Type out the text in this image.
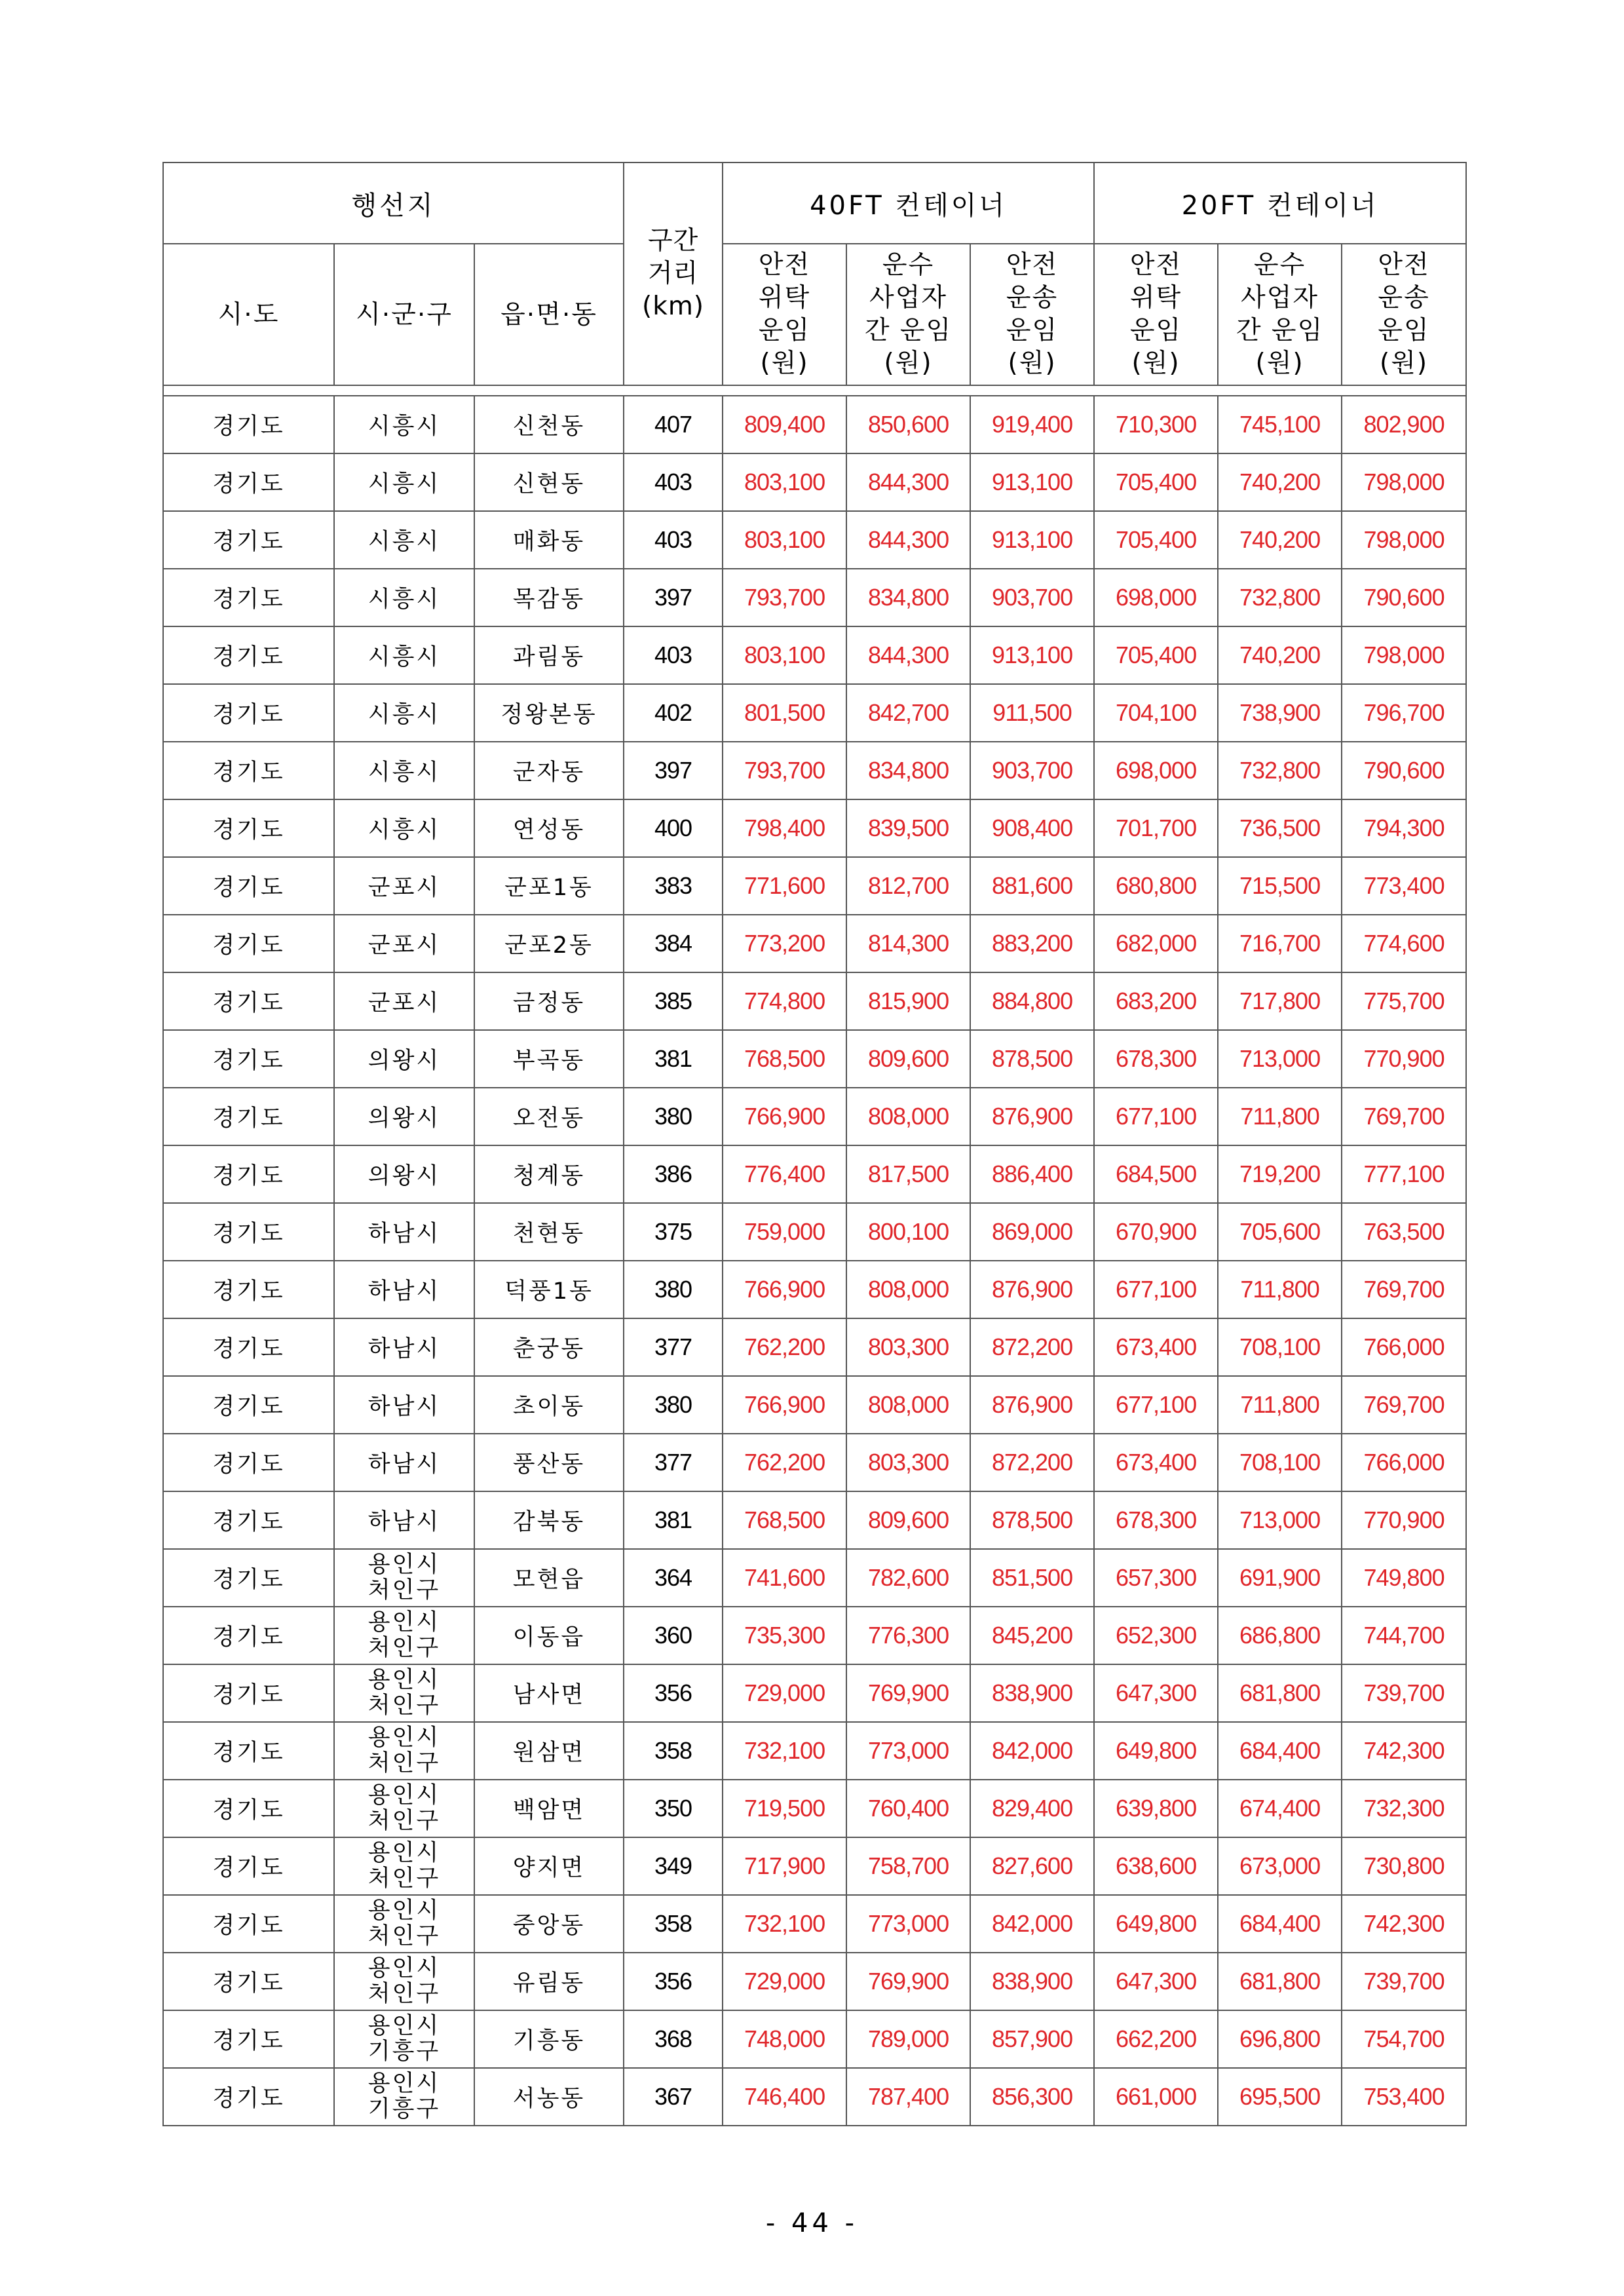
행선지			구간
거리
(km)	40FT 컨테이너			20FT 컨테이너		
시·도	시·군·구	읍·면·동		안전
위탁
운임
(원)	운수
사업자
간 운임
(원)	안전
운송
운임
(원)	안전
위탁
운임
(원)	운수
사업자
간 운임
(원)	안전
운송
운임
(원)

경기도	시흥시	신천동	407	809,400	850,600	919,400	710,300	745,100	802,900
경기도	시흥시	신현동	403	803,100	844,300	913,100	705,400	740,200	798,000
경기도	시흥시	매화동	403	803,100	844,300	913,100	705,400	740,200	798,000
경기도	시흥시	목감동	397	793,700	834,800	903,700	698,000	732,800	790,600
경기도	시흥시	과림동	403	803,100	844,300	913,100	705,400	740,200	798,000
경기도	시흥시	정왕본동	402	801,500	842,700	911,500	704,100	738,900	796,700
경기도	시흥시	군자동	397	793,700	834,800	903,700	698,000	732,800	790,600
경기도	시흥시	연성동	400	798,400	839,500	908,400	701,700	736,500	794,300
경기도	군포시	군포1동	383	771,600	812,700	881,600	680,800	715,500	773,400
경기도	군포시	군포2동	384	773,200	814,300	883,200	682,000	716,700	774,600
경기도	군포시	금정동	385	774,800	815,900	884,800	683,200	717,800	775,700
경기도	의왕시	부곡동	381	768,500	809,600	878,500	678,300	713,000	770,900
경기도	의왕시	오전동	380	766,900	808,000	876,900	677,100	711,800	769,700
경기도	의왕시	청계동	386	776,400	817,500	886,400	684,500	719,200	777,100
경기도	하남시	천현동	375	759,000	800,100	869,000	670,900	705,600	763,500
경기도	하남시	덕풍1동	380	766,900	808,000	876,900	677,100	711,800	769,700
경기도	하남시	춘궁동	377	762,200	803,300	872,200	673,400	708,100	766,000
경기도	하남시	초이동	380	766,900	808,000	876,900	677,100	711,800	769,700
경기도	하남시	풍산동	377	762,200	803,300	872,200	673,400	708,100	766,000
경기도	하남시	감북동	381	768,500	809,600	878,500	678,300	713,000	770,900
경기도	용인시
처인구	모현읍	364	741,600	782,600	851,500	657,300	691,900	749,800
경기도	용인시
처인구	이동읍	360	735,300	776,300	845,200	652,300	686,800	744,700
경기도	용인시
처인구	남사면	356	729,000	769,900	838,900	647,300	681,800	739,700
경기도	용인시
처인구	원삼면	358	732,100	773,000	842,000	649,800	684,400	742,300
경기도	용인시
처인구	백암면	350	719,500	760,400	829,400	639,800	674,400	732,300
경기도	용인시
처인구	양지면	349	717,900	758,700	827,600	638,600	673,000	730,800
경기도	용인시
처인구	중앙동	358	732,100	773,000	842,000	649,800	684,400	742,300
경기도	용인시
처인구	유림동	356	729,000	769,900	838,900	647,300	681,800	739,700
경기도	용인시
기흥구	기흥동	368	748,000	789,000	857,900	662,200	696,800	754,700
경기도	용인시
기흥구	서농동	367	746,400	787,400	856,300	661,000	695,500	753,400
- 44 -
